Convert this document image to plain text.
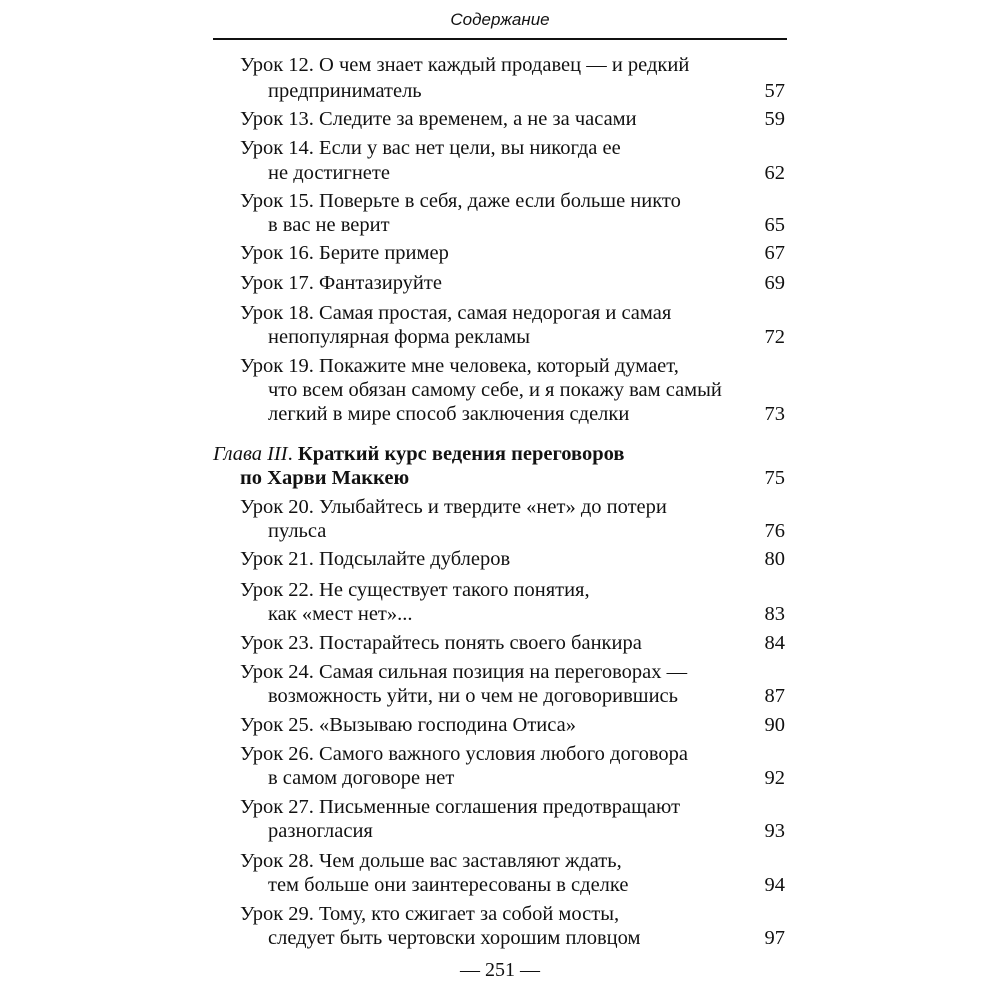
Содержание
Урок 12. О чем знает каждый продавец — и редкий
предприниматель	57
Урок 13. Следите за временем, а не за часами	59
Урок 14. Если у вас нет цели, вы никогда ее
не достигнете	62
Урок 15. Поверьте в себя, даже если больше никто
в вас не верит	65
Урок 16. Берите пример	67
Урок 17. Фантазируйте	69
Урок 18. Самая простая, самая недорогая и самая
непопулярная форма рекламы	72
Урок 19. Покажите мне человека, который думает,
что всем обязан самому себе, и я покажу вам самый
легкий в мире способ заключения сделки	73
Глава III. Краткий курс ведения переговоров
по Харви Маккею	75
Урок 20. Улыбайтесь и твердите «нет» до потери
пульса	76
Урок 21. Подсылайте дублеров	80
Урок 22. Не существует такого понятия,
как «мест нет»...	83
Урок 23. Постарайтесь понять своего банкира	84
Урок 24. Самая сильная позиция на переговорах —
возможность уйти, ни о чем не договорившись	87
Урок 25. «Вызываю господина Отиса»	90
Урок 26. Самого важного условия любого договора
в самом договоре нет	92
Урок 27. Письменные соглашения предотвращают
разногласия	93
Урок 28. Чем дольше вас заставляют ждать,
тем больше они заинтересованы в сделке	94
Урок 29. Тому, кто сжигает за собой мосты,
следует быть чертовски хорошим пловцом	97
— 251 —
